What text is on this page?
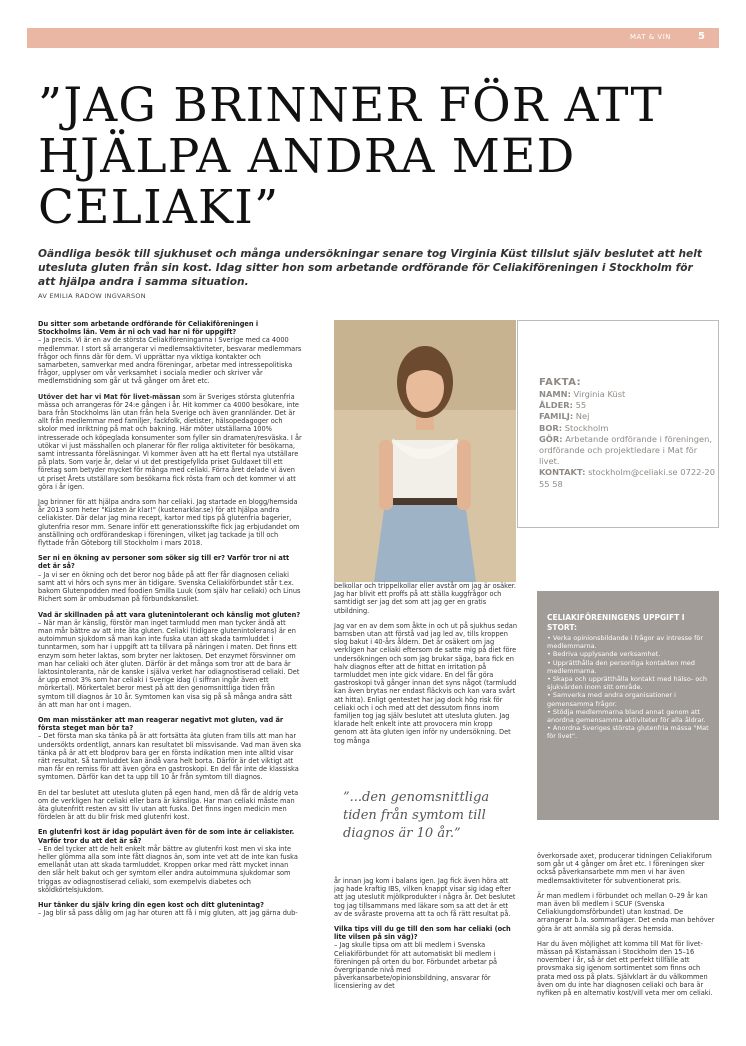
MAT & VIN	5
”JAG BRINNER FÖR ATT HJÄLPA ANDRA MED CELIAKI”

Oändliga besök till sjukhuset och många undersökningar senare tog Virginia Küst tillslut själv beslutet att helt utesluta gluten från sin kost. Idag sitter hon som arbetande ordförande för Celiakiföreningen i Stockholm för att hjälpa andra i samma situation.

AV EMILIA RADOW INGVARSON

Du sitter som arbetande ordförande för Celiakiföreningen i Stockholms län. Vem är ni och vad har ni för uppgift?

– Ja precis. Vi är en av de största Celiakiföreningarna i Sverige med ca 4000 medlemmar. I stort så arrangerar vi medlemsaktiviteter, besvarar medlemmars frågor och finns där för dem. Vi upprättar nya viktiga kontakter och samarbeten, samverkar med andra föreningar, arbetar med intressepolitiska frågor, upplyser om vår verksamhet i sociala medier och skriver vår medlemstidning som går ut två gånger om året etc.

Utöver det har vi Mat för livet-mässan som är Sveriges största glutenfria mässa och arrangeras för 24:e gången i år. Hit kommer ca 4000 besökare, inte bara från Stockholms län utan från hela Sverige och även grannländer. Det är allt från medlemmar med familjer, fackfolk, dietister, hälsopedagoger och skolor med inriktning på mat och bakning. Här möter utställarna 100% intresserade och köpeglada konsumenter som fyller sin dramaten/resväska. I år utökar vi just mässhallen och planerar för fler roliga aktiviteter för besökarna, samt intressanta föreläsningar. Vi kommer även att ha ett flertal nya utställare på plats. Som varje år, delar vi ut det prestigefyllda priset Guldaxet till ett företag som betyder mycket för många med celiaki. Förra året delade vi även ut priset Årets utställare som besökarna fick rösta fram och det kommer vi att göra i år igen.

Jag brinner för att hjälpa andra som har celiaki. Jag startade en blogg/hemsida år 2013 som heter "Küsten är klar!" (kustenarklar.se) för att hjälpa andra celiakister. Där delar jag mina recept, kartor med tips på glutenfria bagerier, glutenfria resor mm. Senare inför ett generationsskifte fick jag erbjudandet om anställning och ordförandeskap i föreningen, vilket jag tackade ja till och flyttade från Göteborg till Stockholm i mars 2018.

Ser ni en ökning av personer som söker sig till er? Varför tror ni att det är så?

– Ja vi ser en ökning och det beror nog både på att fler får diagnosen celiaki samt att vi hörs och syns mer än tidigare. Svenska Celiakiförbundet står t.ex. bakom Glutenpodden med foodien Smilla Luuk (som själv har celiaki) och Linus Richert som är ombudsman på förbundskansliet.

Vad är skillnaden på att vara glutenintolerant och känslig mot gluten?

– När man är känslig, förstör man inget tarmludd men man tycker ändå att man mår bättre av att inte äta gluten. Celiaki (tidigare glutenintolerans) är en autoimmun sjukdom så man kan inte fuska utan att skada tarmluddet i tunntarmen, som har i uppgift att ta tillvara på näringen i maten. Det finns ett enzym som heter laktas, som bryter ner laktosen. Det enzymet försvinner om man har celiaki och äter gluten. Därför är det många som tror att de bara är laktosintoleranta, när de kanske i själva verket har odiagnostiserad celiaki. Det är upp emot 3% som har celiaki i Sverige idag (i siffran ingår även ett mörkertal). Mörkertalet beror mest på att den genomsnittliga tiden från symtom till diagnos är 10 år. Symtomen kan visa sig på så många andra sätt än att man har ont i magen.

Om man misstänker att man reagerar negativt mot gluten, vad är första steget man bör ta?

– Det första man ska tänka på är att fortsätta äta gluten fram tills att man har undersökts ordentligt, annars kan resultatet bli missvisande. Vad man även ska tänka på är att ett blodprov bara ger en första indikation men inte alltid visar rätt resultat. Så tarmluddet kan ändå vara helt borta. Därför är det viktigt att man får en remiss för att även göra en gastroskopi. En del får inte de klassiska symtomen. Därför kan det ta upp till 10 år från symtom till diagnos.

En del tar beslutet att utesluta gluten på egen hand, men då får de aldrig veta om de verkligen har celiaki eller bara är känsliga. Har man celiaki måste man äta glutenfritt resten av sitt liv utan att fuska. Det finns ingen medicin men fördelen är att du blir frisk med glutenfri kost.

En glutenfri kost är idag populärt även för de som inte är celiakister. Varför tror du att det är så?

– En del tycker att de helt enkelt mår bättre av glutenfri kost men vi ska inte heller glömma alla som inte fått diagnos än, som inte vet att de inte kan fuska emellanåt utan att skada tarmluddet. Kroppen orkar med rätt mycket innan den slår helt bakut och ger symtom eller andra autoimmuna sjukdomar som triggas av odiagnostiserad celiaki, som exempelvis diabetes och sköldkörtelsjukdom.

Hur tänker du själv kring din egen kost och ditt glutenintag?

– Jag blir så pass dålig om jag har oturen att få i mig gluten, att jag gärna dub-

FAKTA:

NAMN: Virginia Küst
ÅLDER: 55
FAMILJ: Nej
BOR: Stockholm
GÖR: Arbetande ordförande i föreningen, ordförande och projektledare i Mat för livet.
KONTAKT: stockholm@celiaki.se 0722-20 55 58

belkollar och trippelkollar eller avstår om jag är osäker. Jag har blivit ett proffs på att ställa kuggfrågor och samtidigt ser jag det som att jag ger en gratis utbildning.

Jag var en av dem som åkte in och ut på sjukhus sedan barnsben utan att förstå vad jag led av, tills kroppen slog bakut i 40-års åldern. Det är osäkert om jag verkligen har celiaki eftersom de satte mig på diet före undersökningen och som jag brukar säga, bara fick en halv diagnos efter att de hittat en irritation på tarmluddet men inte gick vidare. En del får göra gastroskopi två gånger innan det syns något (tarmludd kan även brytas ner endast fläckvis och kan vara svårt att hitta). Enligt gentestet har jag dock hög risk för celiaki och i och med att det dessutom finns inom familjen tog jag själv beslutet att utesluta gluten. Jag klarade helt enkelt inte att provocera min kropp genom att äta gluten igen inför ny undersökning. Det tog många

”...den genomsnittliga tiden från symtom till diagnos är 10 år.”

år innan jag kom i balans igen. Jag fick även höra att jag hade kraftig IBS, vilken knappt visar sig idag efter att jag uteslutit mjölkprodukter i några år. Det beslutet tog jag tillsammans med läkare som sa att det är ett av de svåraste proverna att ta och få rätt resultat på.

Vilka tips vill du ge till den som har celiaki (och lite vilsen på sin väg)?

– Jag skulle tipsa om att bli medlem i Svenska Celiakiförbundet för att automatiskt bli medlem i föreningen på orten du bor. Förbundet arbetar på övergripande nivå med påverkansarbete/opinionsbildning, ansvarar för licensiering av det

CELIAKIFÖRENINGENS UPPGIFT I STORT:

• Verka opinionsbildande i frågor av intresse för medlemmarna.

• Bedriva upplysande verksamhet.

• Upprätthålla den personliga kontakten med medlemmarna.

• Skapa och upprätthålla kontakt med hälso- och sjukvården inom sitt område.

• Samverka med andra organisationer i gemensamma frågor.

• Stödja medlemmarna bland annat genom att anordna gemensamma aktiviteter för alla åldrar.

• Anordna Sveriges största glutenfria mässa "Mat för livet".

överkorsade axet, producerar tidningen Celiakiforum som går ut 4 gånger om året etc. I föreningen sker också påverkansarbete mm men vi har även medlemsaktiviteter för subventionerat pris.

Är man medlem i förbundet och mellan 0–29 år kan man även bli medlem i SCUF (Svenska Celiakiungdomsförbundet) utan kostnad. De arrangerar b.la. sommarläger. Det enda man behöver göra är att anmäla sig på deras hemsida.

Har du även möjlighet att komma till Mat för livet-mässan på Kistamässan i Stockholm den 15–16 november i år, så är det ett perfekt tillfälle att provsmaka sig igenom sortimentet som finns och prata med oss på plats. Självklart är du välkommen även om du inte har diagnosen celiaki och bara är nyfiken på en alternativ kost/vill veta mer om celiaki.
